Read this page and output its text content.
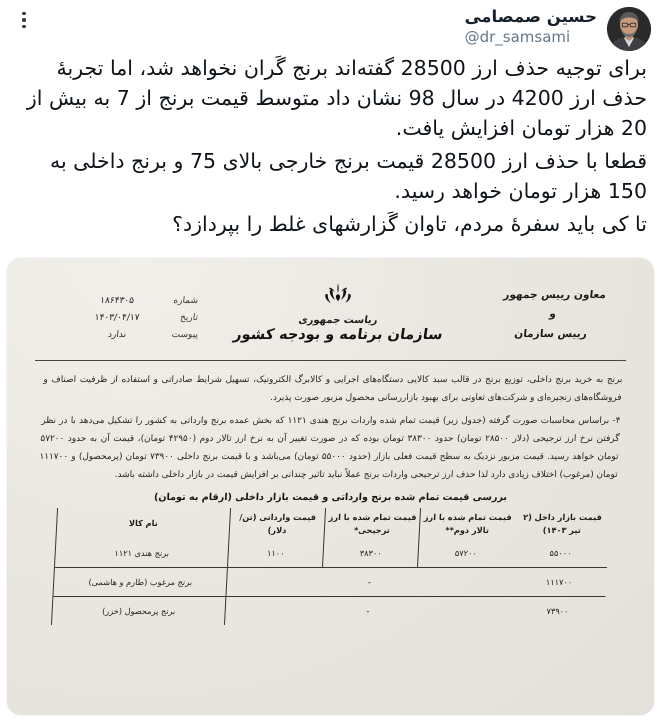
حسین صمصامی
@dr_samsami

برای توجیه حذف ارز 28500 گفته‌اند برنج گَران نخواهد شد، اما تجربهٔ حذف ارز 4200 در سال 98 نشان داد متوسط قیمت برنج از 7 به بیش از 20 هزار تومان افزایش یافت.

قطعا با حذف ارز 28500 قیمت برنج خارجی بالای 75 و برنج داخلی به 150 هزار تومان خواهد رسید.

تا کی باید سفرهٔ مردم، تاوان گَزارشهای غلط را بپردازد؟

معاون رییس جمهور
و
رییس سازمان
ریاست جمهوری
سازمان برنامه و بودجه کشور
شماره
۱۸۶۴۳۰۵
تاریخ
۱۴۰۳/۰۴/۱۷
پیوست
ندارد

برنج به خرید برنج داخلی، توزیع برنج در قالب سبد کالایی دستگاه‌های اجرایی و کالابرگ الکترونیک، تسهیل شرایط صادراتی و استفاده از ظرفیت اصناف و فروشگاه‌های زنجیره‌ای و شرکت‌های تعاونی برای بهبود بازاررسانی محصول مزبور صورت پذیرد.

۴- براساس محاسبات صورت گرفته (جدول زیر) قیمت تمام شده واردات برنج هندی ۱۱۲۱ که بخش عمده برنج وارداتی به کشور را تشکیل می‌دهد با در نظر گرفتن نرخ ارز ترجیحی (دلار ۲۸۵۰۰ تومان) حدود ۳۸۳۰۰ تومان بوده که در صورت تغییر آن به نرخ ارز تالار دوم (۴۲۹۵۰ تومان)، قیمت آن به حدود ۵۷۲۰۰ تومان خواهد رسید. قیمت مزبور نزدیک به سطح قیمت فعلی بازار (حدود ۵۵۰۰۰ تومان) می‌باشد و با قیمت برنج داخلی ۷۳۹۰۰ تومان (پرمحصول) و ۱۱۱۷۰۰ تومان (مرغوب) اختلاف زیادی دارد لذا حذف ارز ترجیحی واردات برنج عملاً نباید تاثیر چندانی بر افزایش قیمت در بازار داخلی داشته باشد.

بررسی قیمت تمام شده برنج وارداتی و قیمت بازار داخلی (ارقام به تومان)
قیمت بازار داخل (۲ تیر ۱۴۰۳)	قیمت تمام شده با ارز تالار دوم**	قیمت تمام شده با ارز ترجیحی*	قیمت وارداتی (تن/دلار)	نام کالا
۵۵۰۰۰	۵۷۲۰۰	۳۸۳۰۰	۱۱۰۰	برنج هندی ۱۱۲۱
۱۱۱۷۰۰	-			برنج مرغوب (طارم و هاشمی)
۷۳۹۰۰	-			برنج پرمحصول (خزر)
